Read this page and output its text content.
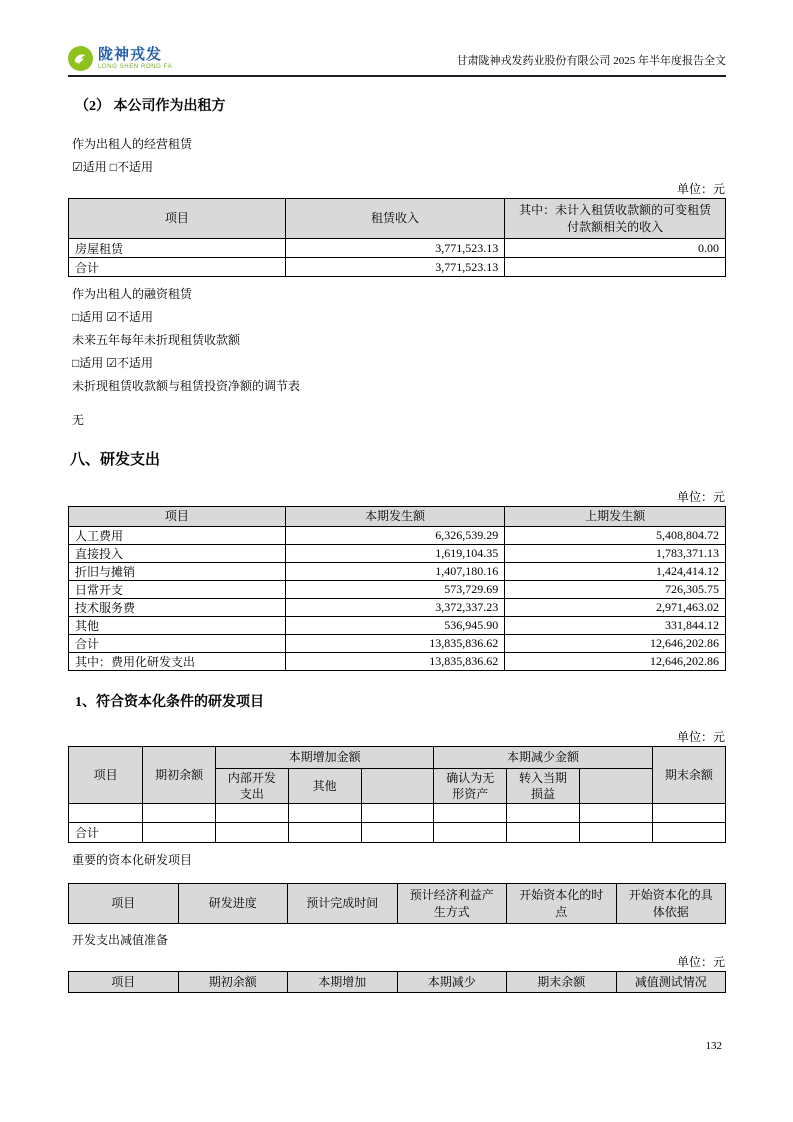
陇神戎发
LONG SHEN RONG FA	甘肃陇神戎发药业股份有限公司 2025 年半年度报告全文
（2） 本公司作为出租方

作为出租人的经营租赁

☑适用 □不适用

单位：元
项目	租赁收入	其中：未计入租赁收款额的可变租赁付款额相关的收入
房屋租赁	3,771,523.13	0.00
合计	3,771,523.13	

作为出租人的融资租赁

□适用 ☑不适用

未来五年每年未折现租赁收款额

□适用 ☑不适用

未折现租赁收款额与租赁投资净额的调节表

无

八、研发支出
单位：元
项目	本期发生额	上期发生额
人工费用	6,326,539.29	5,408,804.72
直接投入	1,619,104.35	1,783,371.13
折旧与摊销	1,407,180.16	1,424,414.12
日常开支	573,729.69	726,305.75
技术服务费	3,372,337.23	2,971,463.02
其他	536,945.90	331,844.12
合计	13,835,836.62	12,646,202.86
其中：费用化研发支出	13,835,836.62	12,646,202.86
1、符合资本化条件的研发项目
单位：元
项目	期初余额	本期增加金额			本期减少金额			期末余额
		内部开发支出	其他		确认为无形资产	转入当期损益		

合计								

重要的资本化研发项目

项目	研发进度	预计完成时间	预计经济利益产生方式	开始资本化的时点	开始资本化的具体依据

开发支出减值准备

单位：元
项目	期初余额	本期增加	本期减少	期末余额	减值测试情况
132
